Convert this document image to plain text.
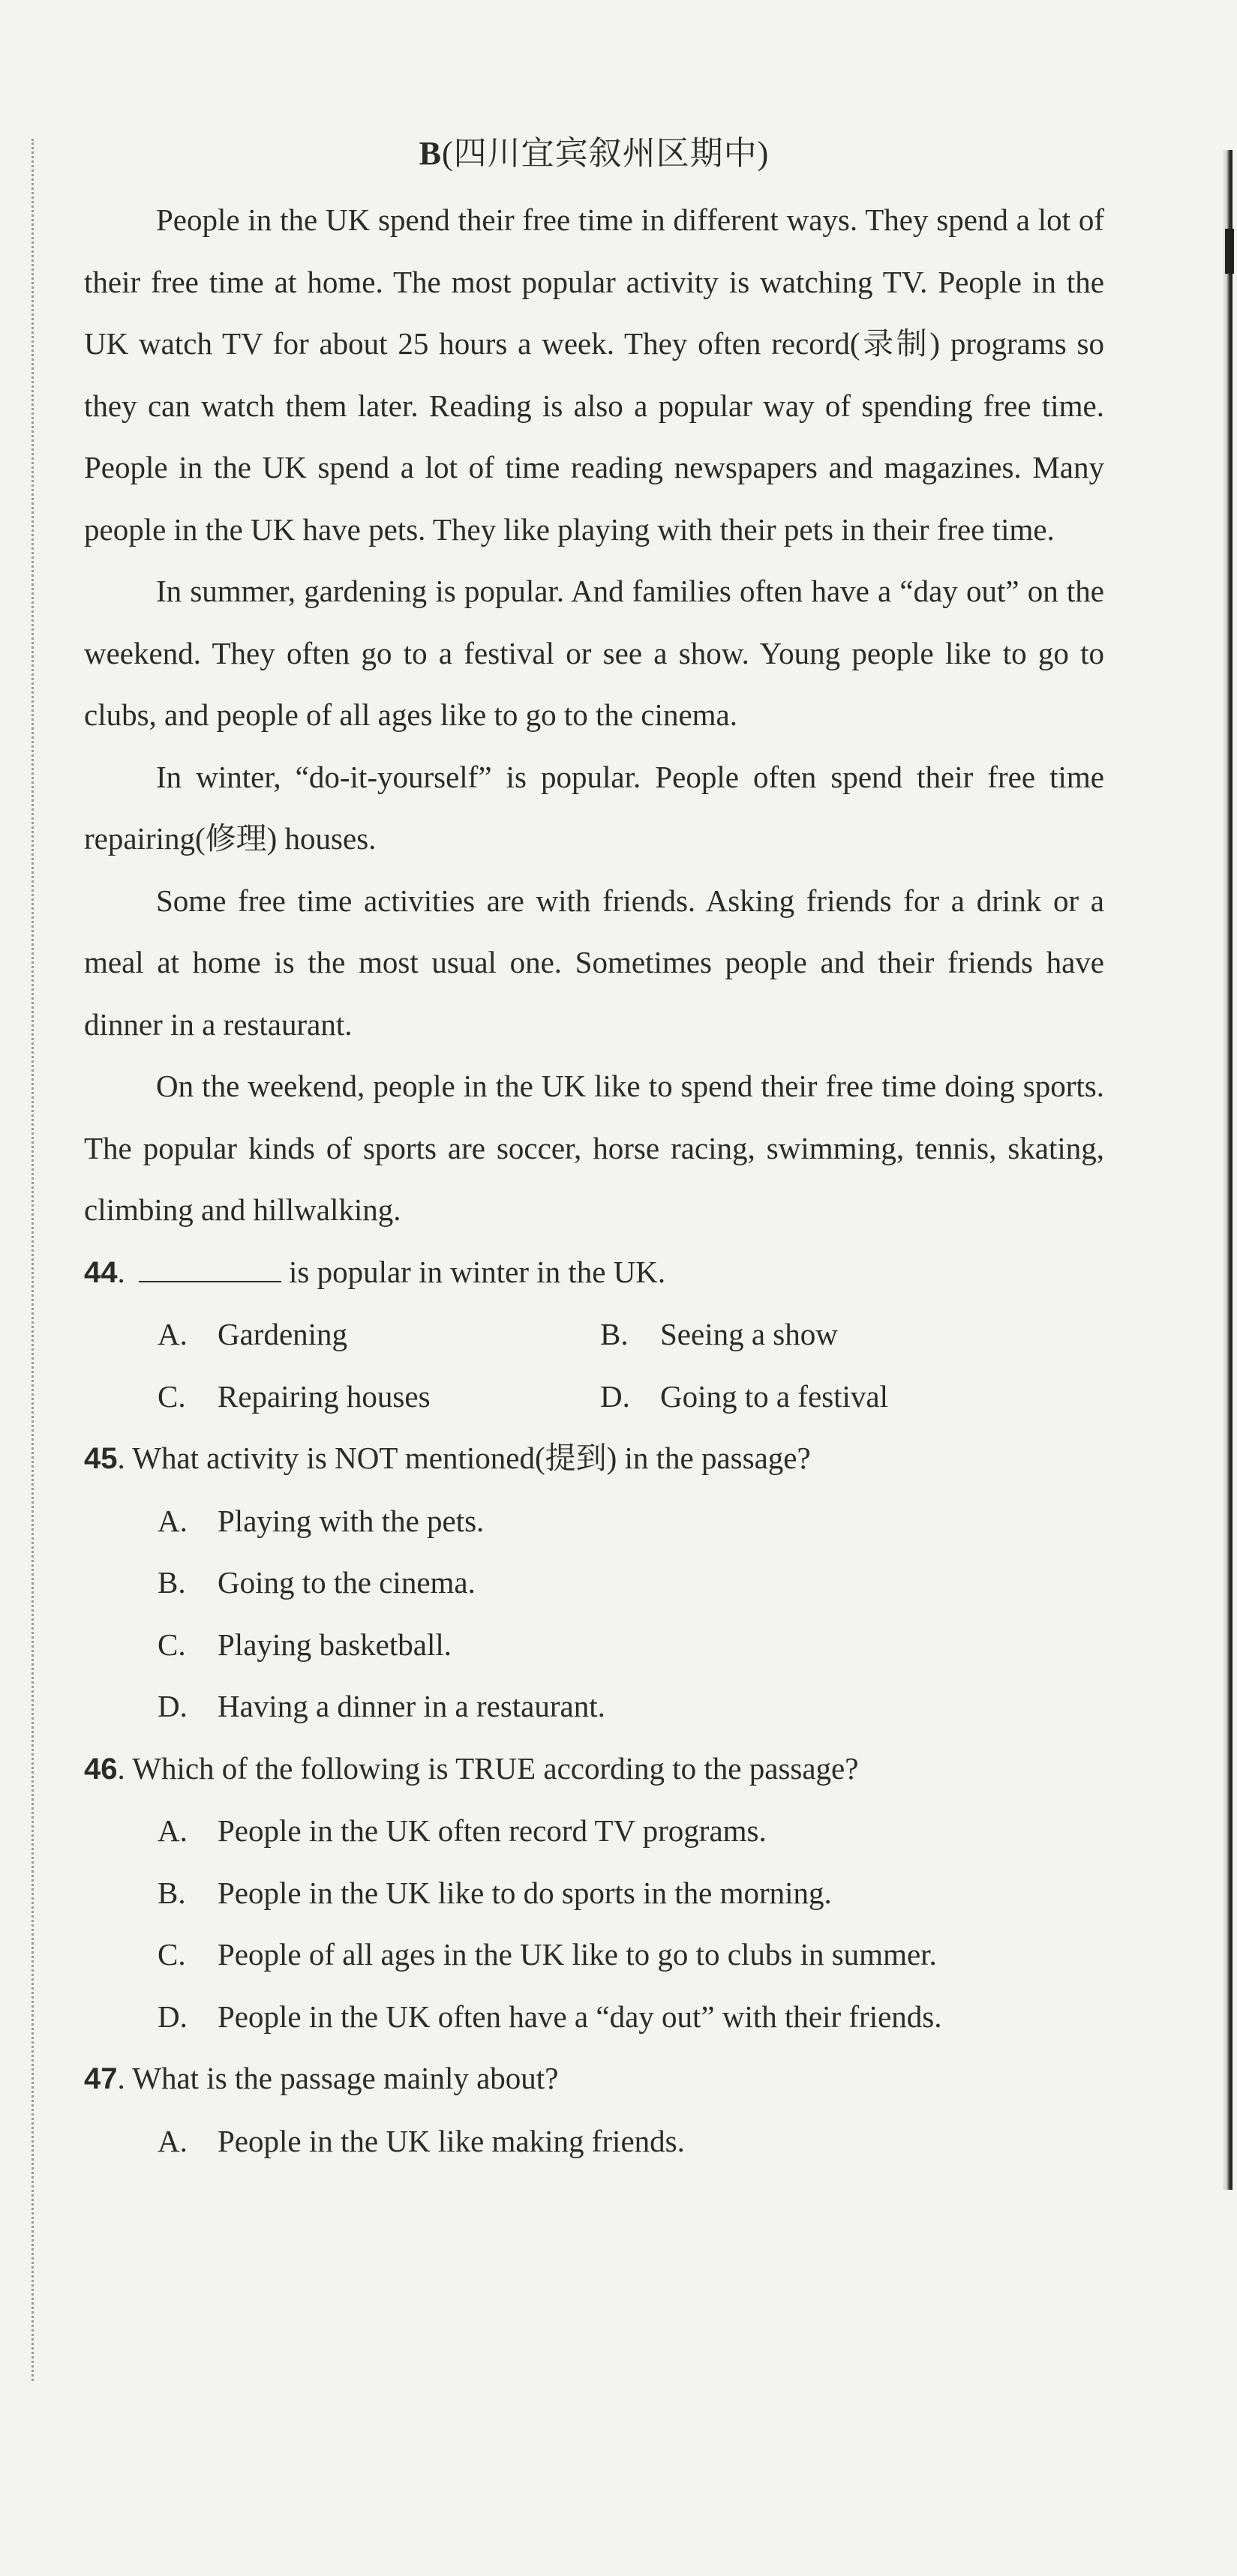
B(四川宜宾叙州区期中)

People in the UK spend their free time in different ways. They spend a lot of their free time at home. The most popular activity is watching TV. People in the UK watch TV for about 25 hours a week. They often record(录制) programs so they can watch them later. Reading is also a popular way of spending free time. People in the UK spend a lot of time reading newspapers and magazines. Many people in the UK have pets. They like playing with their pets in their free time.

In summer, gardening is popular. And families often have a “day out” on the weekend. They often go to a festival or see a show. Young people like to go to clubs, and people of all ages like to go to the cinema.

In winter, “do-it-yourself” is popular. People often spend their free time repairing(修理) houses.

Some free time activities are with friends. Asking friends for a drink or a meal at home is the most usual one. Sometimes people and their friends have dinner in a restaurant.

On the weekend, people in the UK like to spend their free time doing sports. The popular kinds of sports are soccer, horse racing, swimming, tennis, skating, climbing and hillwalking.

44.	is popular in winter in the UK.

A. Gardening	B.	Seeing a show
C.	Repairing houses	D. Going to a festival

45. What activity is NOT mentioned(提到) in the passage?

A. Playing with the pets.
B.	Going to the cinema.
C.	Playing basketball.
D. Having a dinner in a restaurant.

46. Which of the following is TRUE according to the passage?

A. People in the UK often record TV programs.
B.	People in the UK like to do sports in the morning.
C.	People of all ages in the UK like to go to clubs in summer.
D. People in the UK often have a “day out” with their friends.

47. What is the passage mainly about?

A. People in the UK like making friends.
